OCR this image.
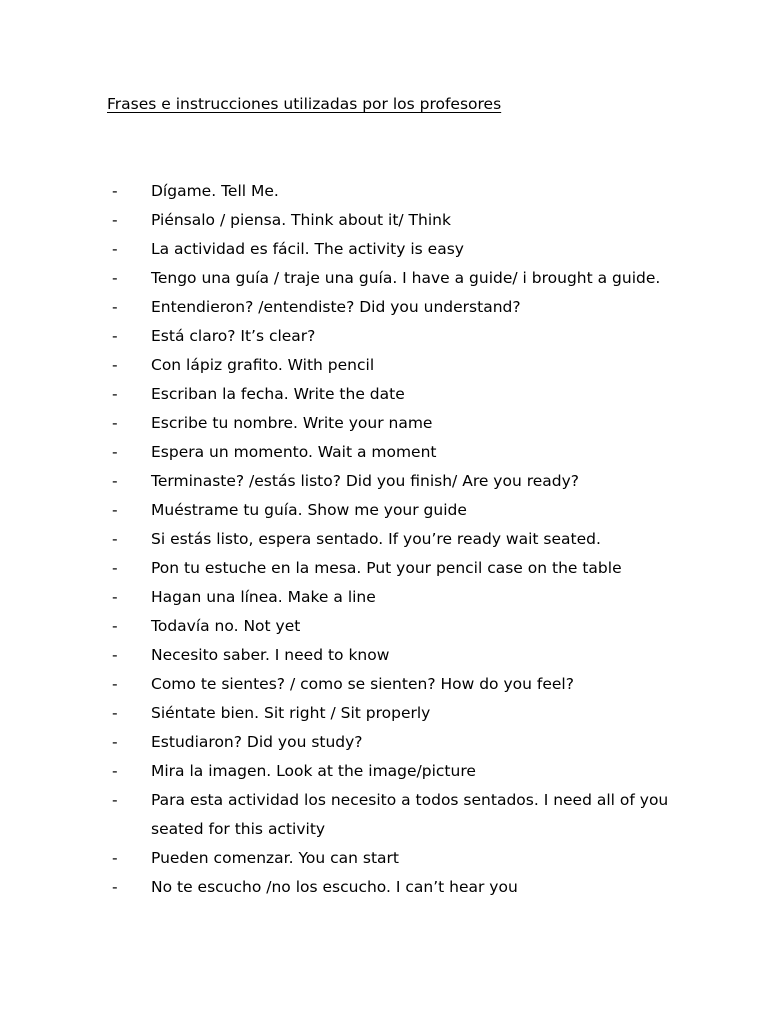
Frases e instrucciones utilizadas por los profesores
-	Dígame. Tell Me.
-	Piénsalo / piensa. Think about it/ Think
-	La actividad es fácil. The activity is easy
-	Tengo una guía / traje una guía. I have a guide/ i brought a guide.
-	Entendieron? /entendiste? Did you understand?
-	Está claro? It’s clear?
-	Con lápiz grafito. With pencil
-	Escriban la fecha. Write the date
-	Escribe tu nombre. Write your name
-	Espera un momento. Wait a moment
-	Terminaste? /estás listo? Did you finish/ Are you ready?
-	Muéstrame tu guía. Show me your guide
-	Si estás listo, espera sentado. If you’re ready wait seated.
-	Pon tu estuche en la mesa. Put your pencil case on the table
-	Hagan una línea. Make a line
-	Todavía no. Not yet
-	Necesito saber. I need to know
-	Como te sientes? / como se sienten? How do you feel?
-	Siéntate bien. Sit right / Sit properly
-	Estudiaron? Did you study?
-	Mira la imagen. Look at the image/picture
-	Para esta actividad los necesito a todos sentados. I need all of you seated for this activity
-	Pueden comenzar. You can start
-	No te escucho /no los escucho. I can’t hear you
